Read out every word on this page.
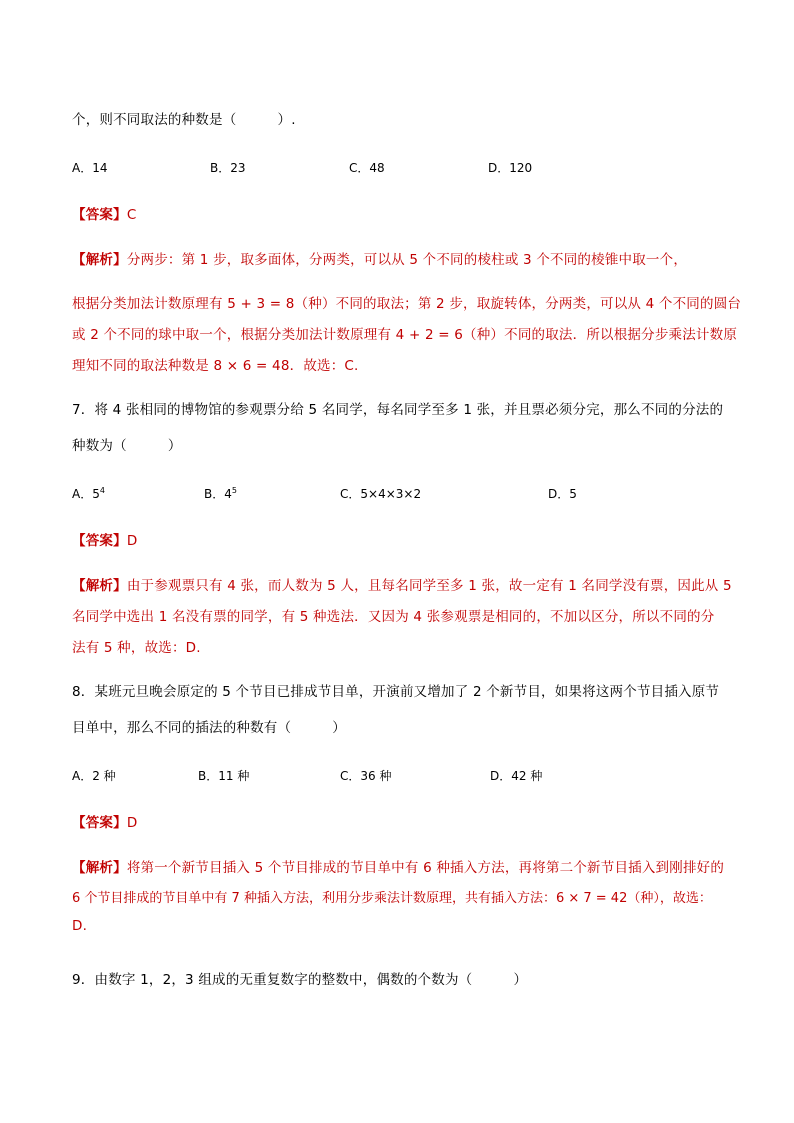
个，则不同取法的种数是（　　　）.
A．14	B．23	C．48	D．120
【答案】C
【解析】分两步：第 1 步，取多面体，分两类，可以从 5 个不同的棱柱或 3 个不同的棱锥中取一个，
根据分类加法计数原理有 5 + 3 = 8（种）不同的取法；第 2 步，取旋转体，分两类，可以从 4 个不同的圆台
或 2 个不同的球中取一个，根据分类加法计数原理有 4 + 2 = 6（种）不同的取法．所以根据分步乘法计数原
理知不同的取法种数是 8 × 6 = 48．故选：C.
7．将 4 张相同的博物馆的参观票分给 5 名同学，每名同学至多 1 张，并且票必须分完，那么不同的分法的
种数为（　　　）
A．$5^4$	B．$4^5$	C．5×4×3×2	D．5
【答案】D
【解析】由于参观票只有 4 张，而人数为 5 人，且每名同学至多 1 张，故一定有 1 名同学没有票，因此从 5
名同学中选出 1 名没有票的同学，有 5 种选法．又因为 4 张参观票是相同的，不加以区分，所以不同的分
法有 5 种，故选：D.
8．某班元旦晚会原定的 5 个节目已排成节目单，开演前又增加了 2 个新节目，如果将这两个节目插入原节
目单中，那么不同的插法的种数有（　　　）
A．2 种	B．11 种	C．36 种	D．42 种
【答案】D
【解析】将第一个新节目插入 5 个节目排成的节目单中有 6 种插入方法，再将第二个新节目插入到刚排好的
6 个节目排成的节目单中有 7 种插入方法，利用分步乘法计数原理，共有插入方法：6 × 7 = 42（种），故选：
D.
9．由数字 1，2，3 组成的无重复数字的整数中，偶数的个数为（　　　）
